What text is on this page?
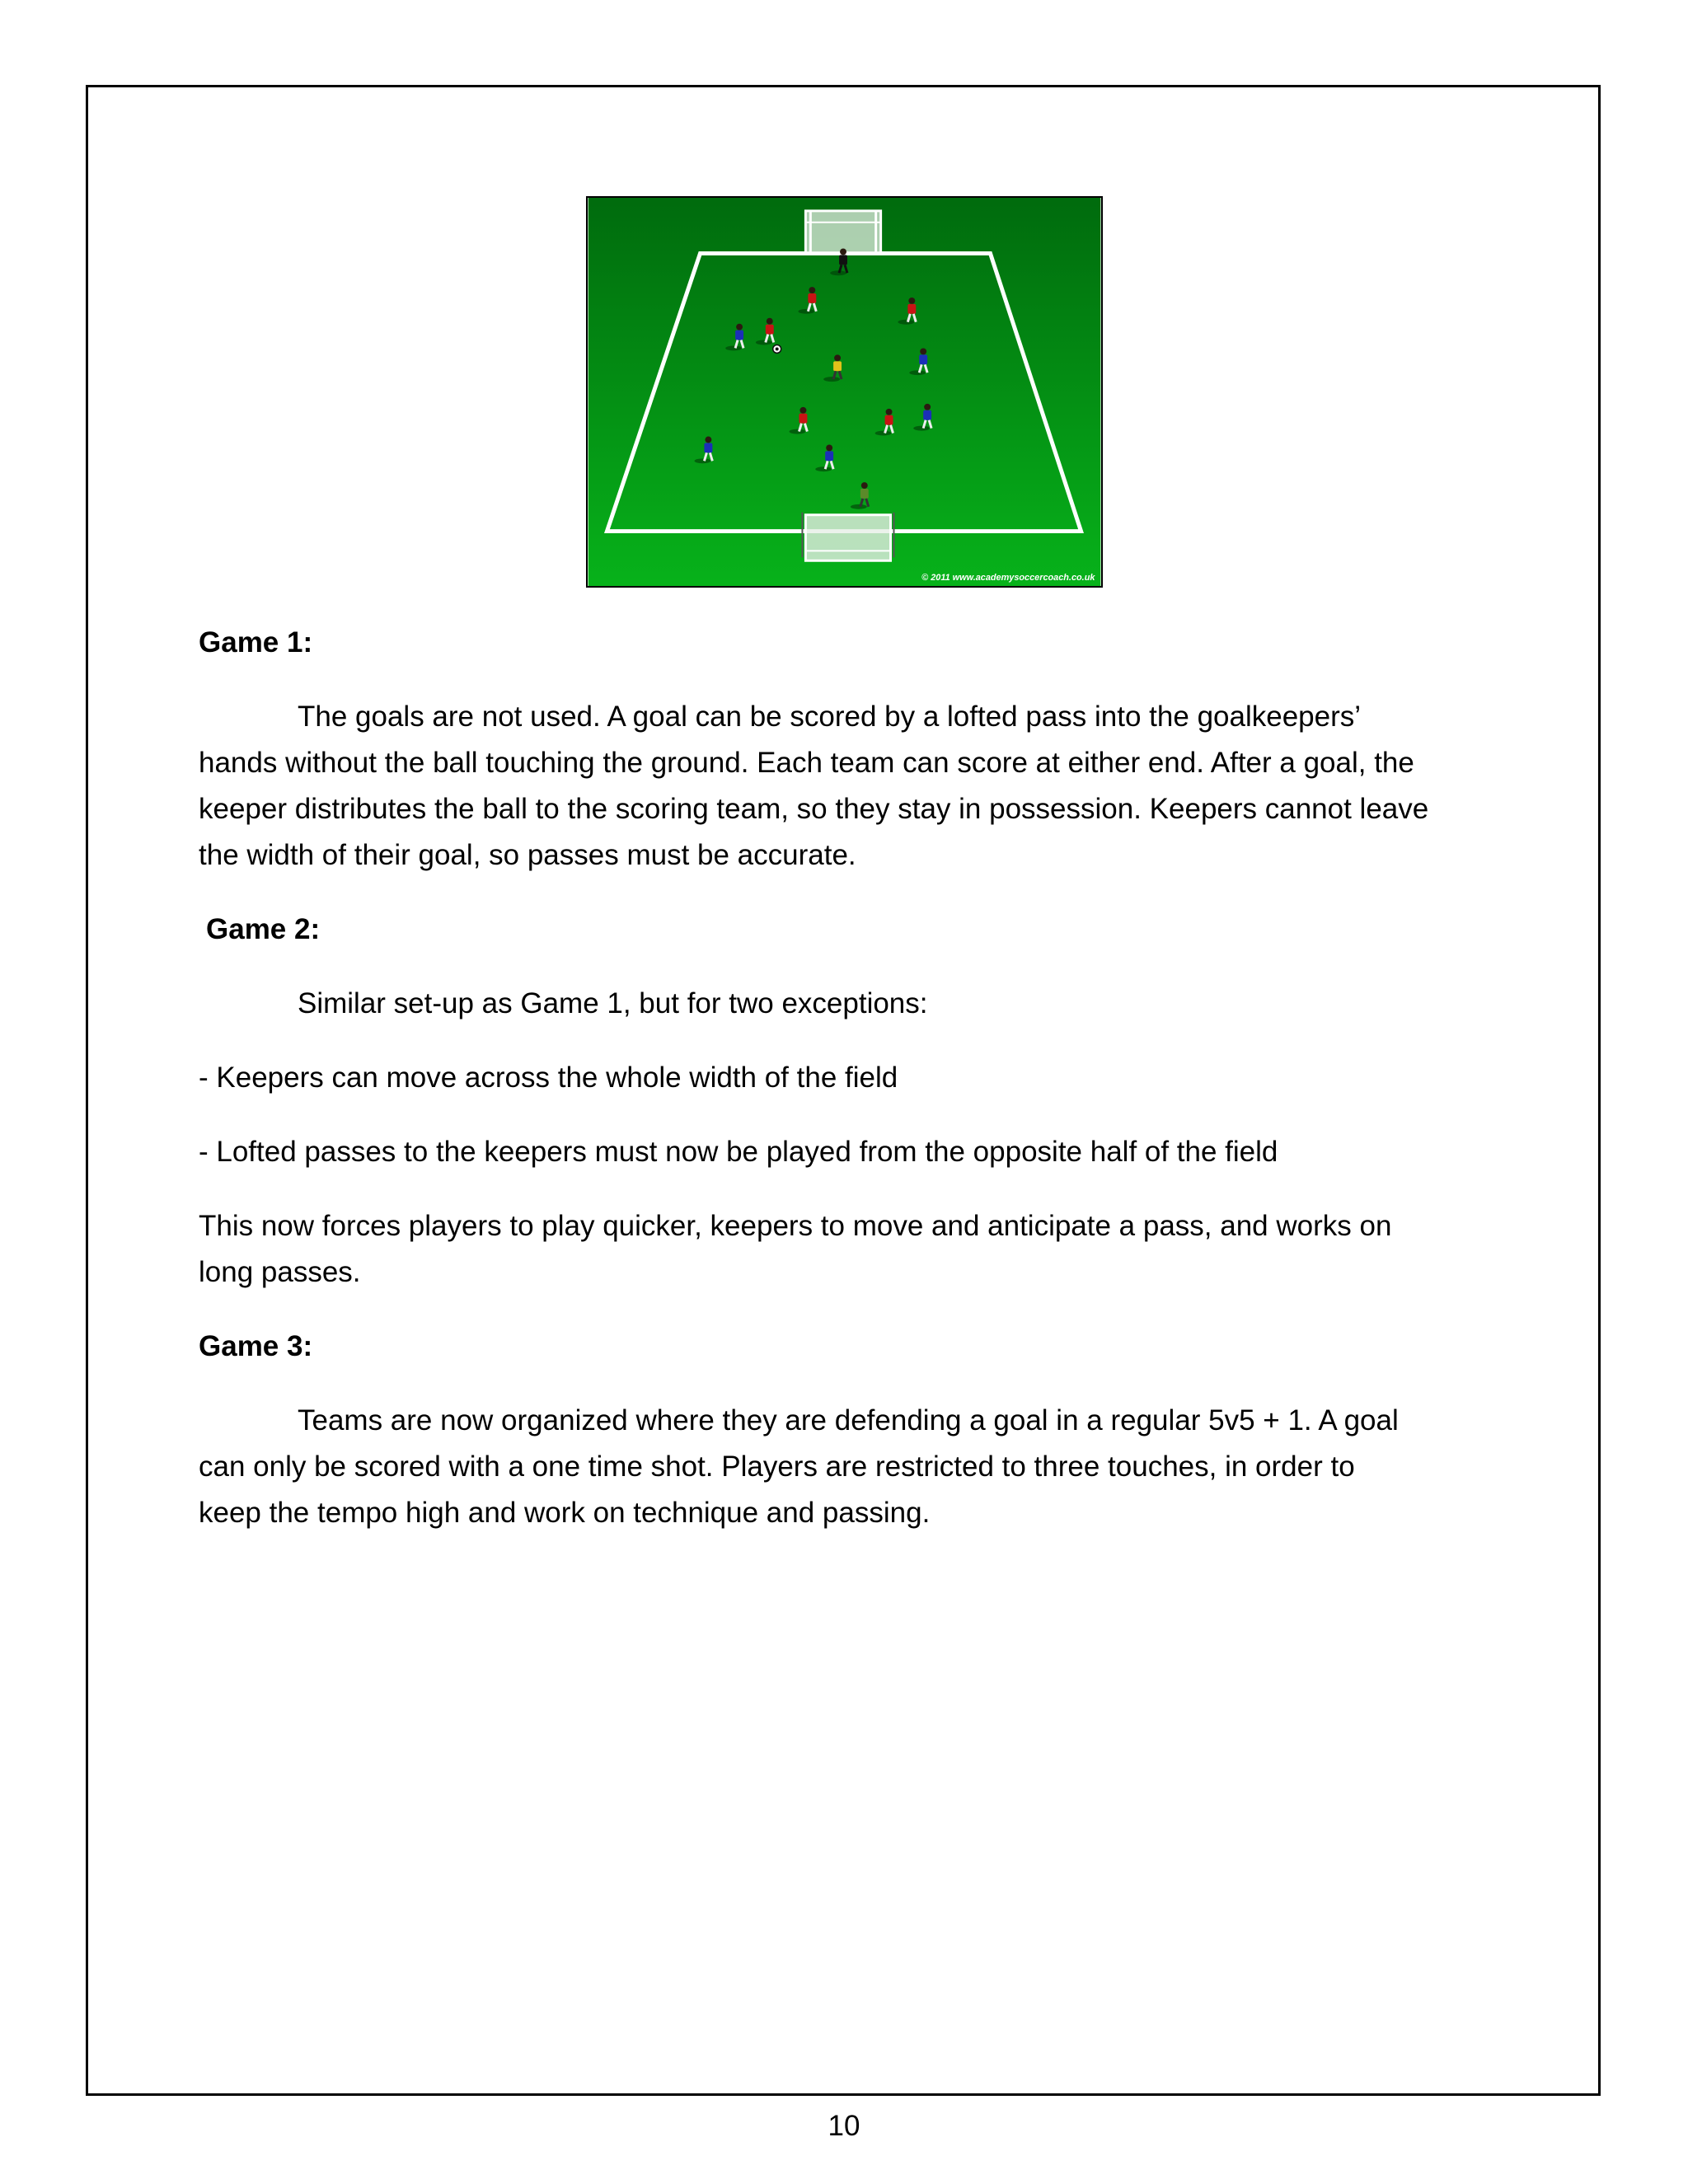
© 2011 www.academysoccercoach.co.uk
Game 1:
The goals are not used. A goal can be scored by a lofted pass into the goalkeepers’
hands without the ball touching the ground. Each team can score at either end. After a goal, the
keeper distributes the ball to the scoring team, so they stay in possession. Keepers cannot leave
the width of their goal, so passes must be accurate.
Game 2:
Similar set-up as Game 1, but for two exceptions:
- Keepers can move across the whole width of the field
- Lofted passes to the keepers must now be played from the opposite half of the field
This now forces players to play quicker, keepers to move and anticipate a pass, and works on
long passes.
Game 3:
Teams are now organized where they are defending a goal in a regular 5v5 + 1. A goal
can only be scored with a one time shot. Players are restricted to three touches, in order to
keep the tempo high and work on technique and passing.
10
